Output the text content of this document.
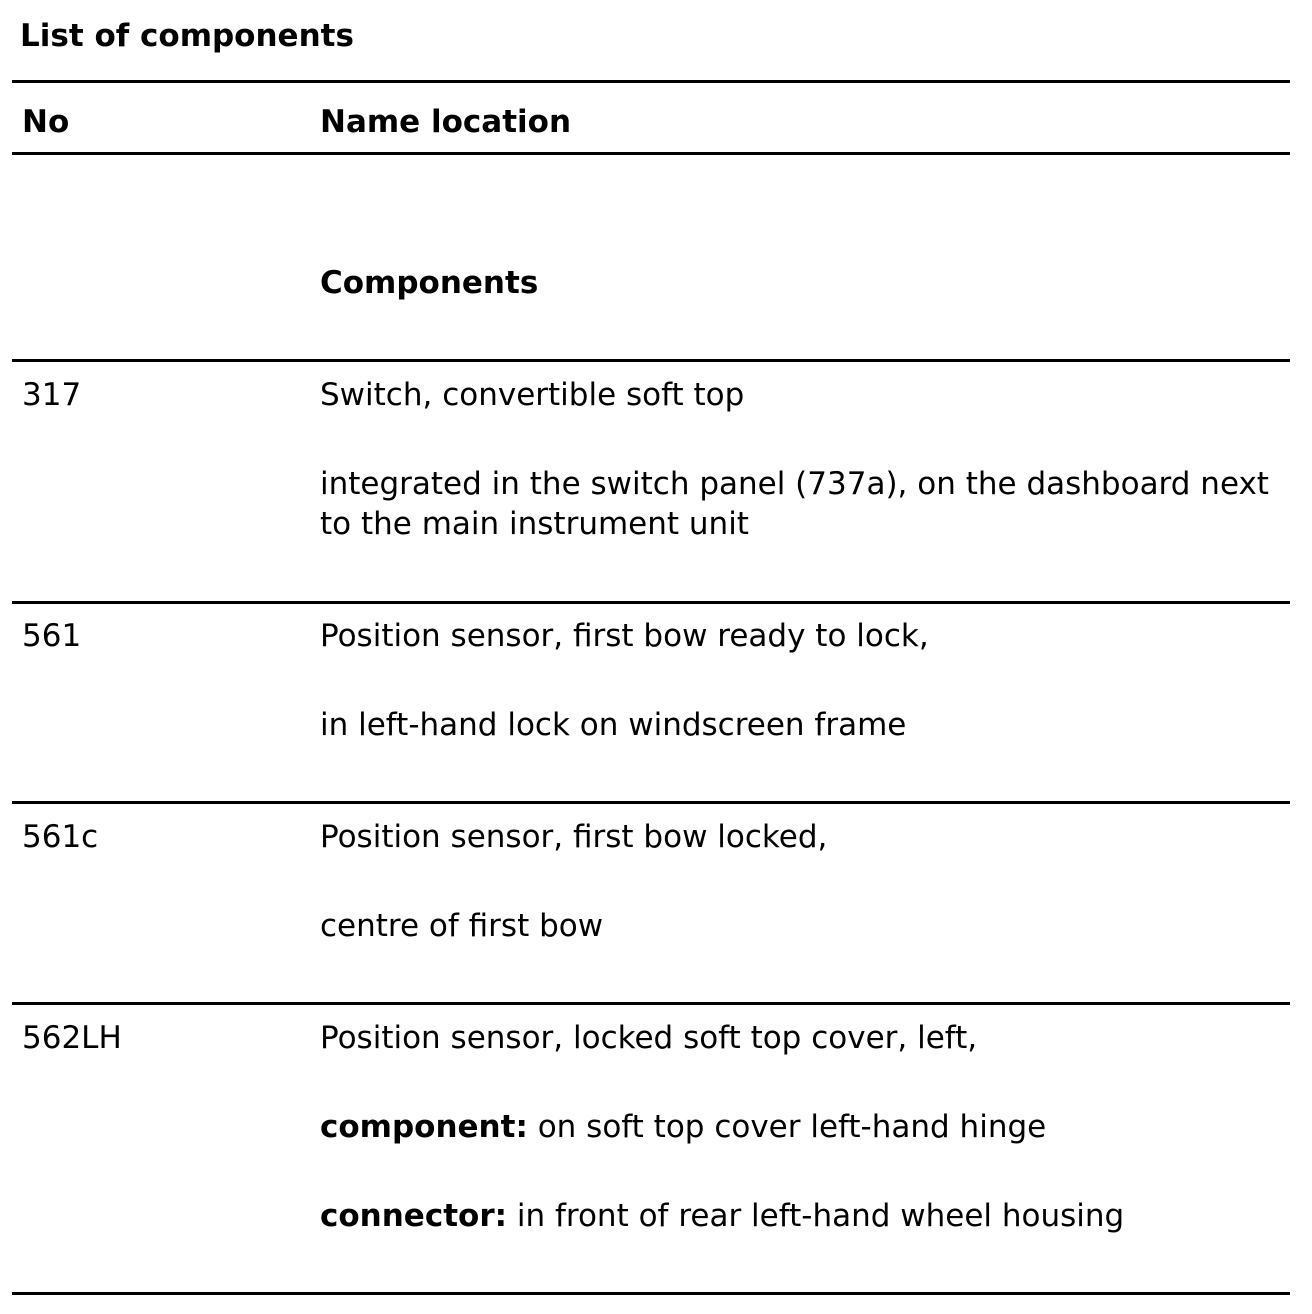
List of components
No	Name location
Components
317	Switch, convertible soft top
integrated in the switch panel (737a), on the dashboard next to the main instrument unit
561	Position sensor, first bow ready to lock,
in left-hand lock on windscreen frame
561c	Position sensor, first bow locked,
centre of first bow
562LH	Position sensor, locked soft top cover, left,
component: on soft top cover left-hand hinge
connector: in front of rear left-hand wheel housing
